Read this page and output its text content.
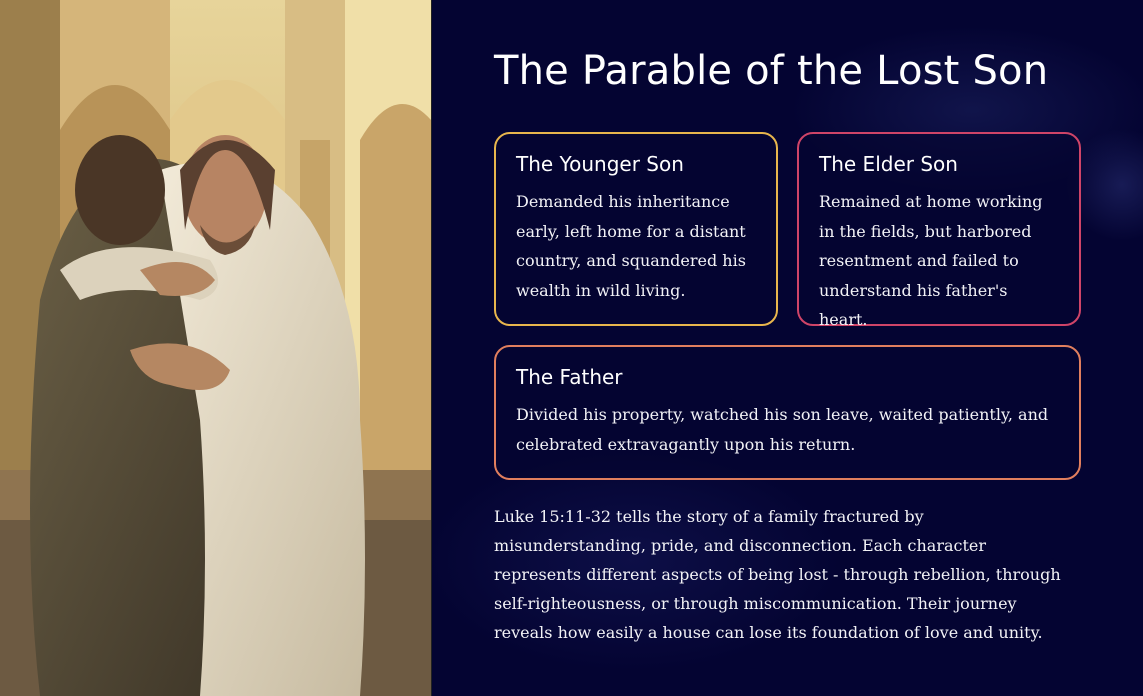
The Parable of the Lost Son
The Younger Son

Demanded his inheritance early, left home for a distant country, and squandered his wealth in wild living.

The Elder Son

Remained at home working in the fields, but harbored resentment and failed to understand his father's heart.

The Father

Divided his property, watched his son leave, waited patiently, and celebrated extravagantly upon his return.

Luke 15:11-32 tells the story of a family fractured by misunderstanding, pride, and disconnection. Each character represents different aspects of being lost - through rebellion, through self-righteousness, or through miscommunication. Their journey reveals how easily a house can lose its foundation of love and unity.
